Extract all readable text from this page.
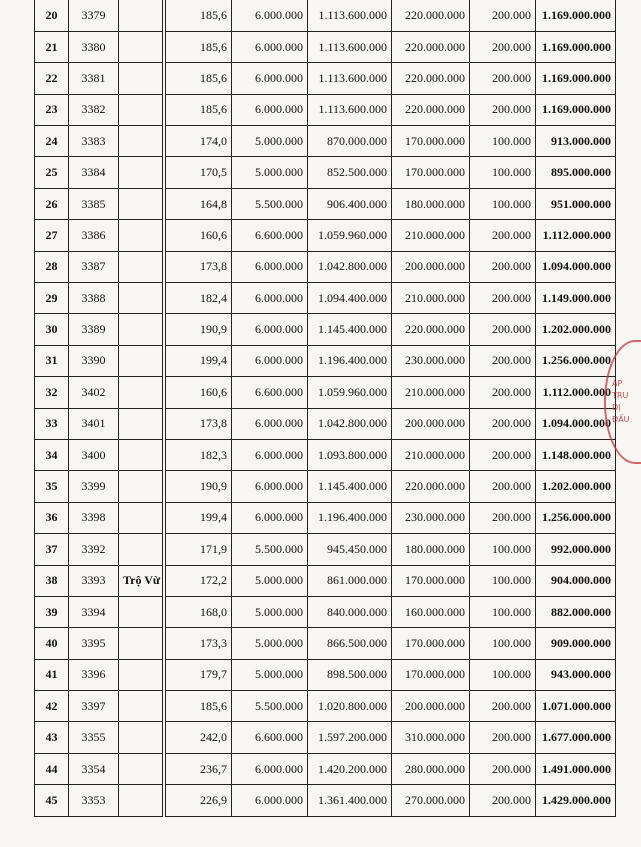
20	3379			185,6	6.000.000	1.113.600.000	220.000.000	200.000	1.169.000.000
21	3380			185,6	6.000.000	1.113.600.000	220.000.000	200.000	1.169.000.000
22	3381			185,6	6.000.000	1.113.600.000	220.000.000	200.000	1.169.000.000
23	3382			185,6	6.000.000	1.113.600.000	220.000.000	200.000	1.169.000.000
24	3383			174,0	5.000.000	870.000.000	170.000.000	100.000	913.000.000
25	3384			170,5	5.000.000	852.500.000	170.000.000	100.000	895.000.000
26	3385			164,8	5.500.000	906.400.000	180.000.000	100.000	951.000.000
27	3386			160,6	6.600.000	1.059.960.000	210.000.000	200.000	1.112.000.000
28	3387			173,8	6.000.000	1.042.800.000	200.000.000	200.000	1.094.000.000
29	3388			182,4	6.000.000	1.094.400.000	210.000.000	200.000	1.149.000.000
30	3389			190,9	6.000.000	1.145.400.000	220.000.000	200.000	1.202.000.000
31	3390			199,4	6.000.000	1.196.400.000	230.000.000	200.000	1.256.000.000
32	3402			160,6	6.600.000	1.059.960.000	210.000.000	200.000	1.112.000.000
33	3401			173,8	6.000.000	1.042.800.000	200.000.000	200.000	1.094.000.000
34	3400			182,3	6.000.000	1.093.800.000	210.000.000	200.000	1.148.000.000
35	3399			190,9	6.000.000	1.145.400.000	220.000.000	200.000	1.202.000.000
36	3398			199,4	6.000.000	1.196.400.000	230.000.000	200.000	1.256.000.000
37	3392			171,9	5.500.000	945.450.000	180.000.000	100.000	992.000.000
38	3393	Trộ Vừ		172,2	5.000.000	861.000.000	170.000.000	100.000	904.000.000
39	3394			168,0	5.000.000	840.000.000	160.000.000	100.000	882.000.000
40	3395			173,3	5.000.000	866.500.000	170.000.000	100.000	909.000.000
41	3396			179,7	5.000.000	898.500.000	170.000.000	100.000	943.000.000
42	3397			185,6	5.500.000	1.020.800.000	200.000.000	200.000	1.071.000.000
43	3355			242,0	6.600.000	1.597.200.000	310.000.000	200.000	1.677.000.000
44	3354			236,7	6.000.000	1.420.200.000	280.000.000	200.000	1.491.000.000
45	3353			226,9	6.000.000	1.361.400.000	270.000.000	200.000	1.429.000.000
ÁP
TRU
DỊ
ĐẤU
